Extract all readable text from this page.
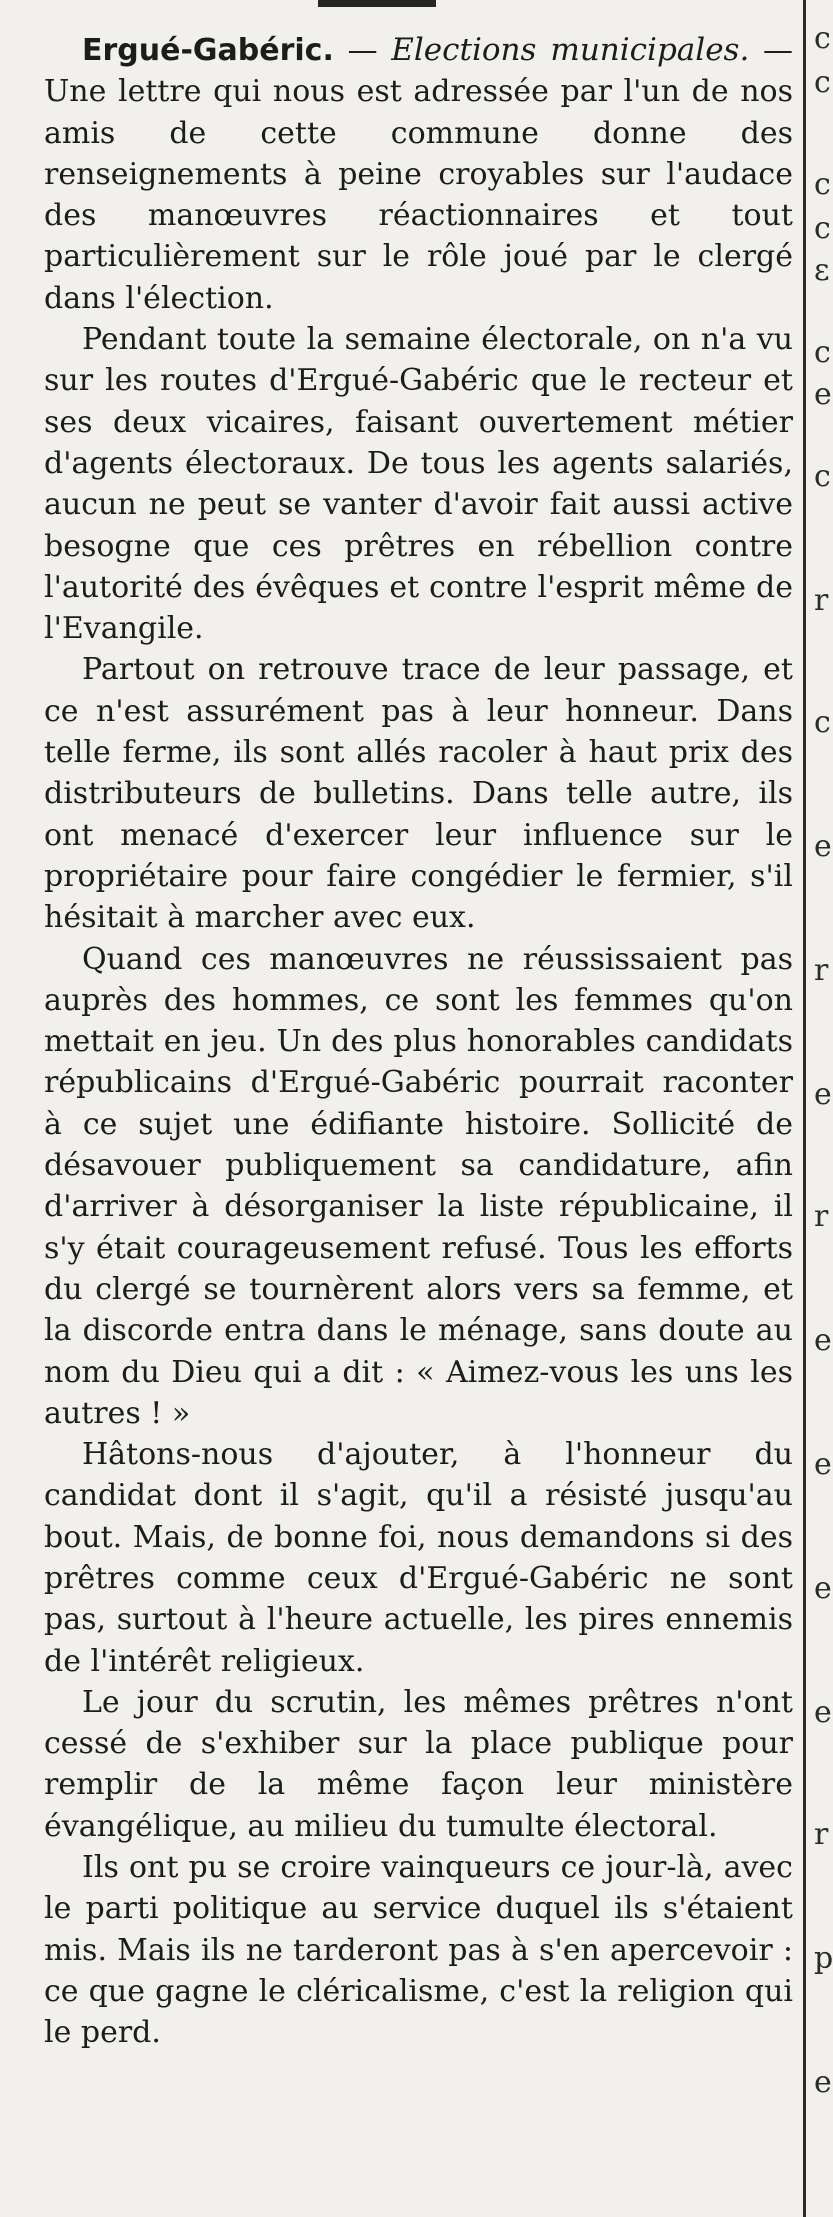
c
c
c
c
ε
c
e
c
r
c
e
r
e
r
e
e
e
e
r
p
e

Ergué-Gabéric. — Elections municipales. — Une lettre qui nous est adressée par l'un de nos amis de cette commune donne des renseignements à peine croyables sur l'audace des manœuvres réactionnaires et tout particulièrement sur le rôle joué par le clergé dans l'élection.

Pendant toute la semaine électorale, on n'a vu sur les routes d'Ergué-Gabéric que le recteur et ses deux vicaires, faisant ouvertement métier d'agents électoraux. De tous les agents salariés, aucun ne peut se vanter d'avoir fait aussi active besogne que ces prêtres en rébellion contre l'autorité des évêques et contre l'esprit même de l'Evangile.

Partout on retrouve trace de leur passage, et ce n'est assurément pas à leur honneur. Dans telle ferme, ils sont allés racoler à haut prix des distributeurs de bulletins. Dans telle autre, ils ont menacé d'exercer leur influence sur le propriétaire pour faire congédier le fermier, s'il hésitait à marcher avec eux.

Quand ces manœuvres ne réussissaient pas auprès des hommes, ce sont les femmes qu'on mettait en jeu. Un des plus honorables candidats républicains d'Ergué-Gabéric pourrait raconter à ce sujet une édifiante histoire. Sollicité de désavouer publiquement sa candidature, afin d'arriver à désorganiser la liste républicaine, il s'y était courageusement refusé. Tous les efforts du clergé se tournèrent alors vers sa femme, et la discorde entra dans le ménage, sans doute au nom du Dieu qui a dit : « Aimez-vous les uns les autres ! »

Hâtons-nous d'ajouter, à l'honneur du candidat dont il s'agit, qu'il a résisté jusqu'au bout. Mais, de bonne foi, nous demandons si des prêtres comme ceux d'Ergué-Gabéric ne sont pas, surtout à l'heure actuelle, les pires ennemis de l'intérêt religieux.

Le jour du scrutin, les mêmes prêtres n'ont cessé de s'exhiber sur la place publique pour remplir de la même façon leur ministère évangélique, au milieu du tumulte électoral.

Ils ont pu se croire vainqueurs ce jour-là, avec le parti politique au service duquel ils s'étaient mis. Mais ils ne tarderont pas à s'en apercevoir : ce que gagne le cléricalisme, c'est la religion qui le perd.
